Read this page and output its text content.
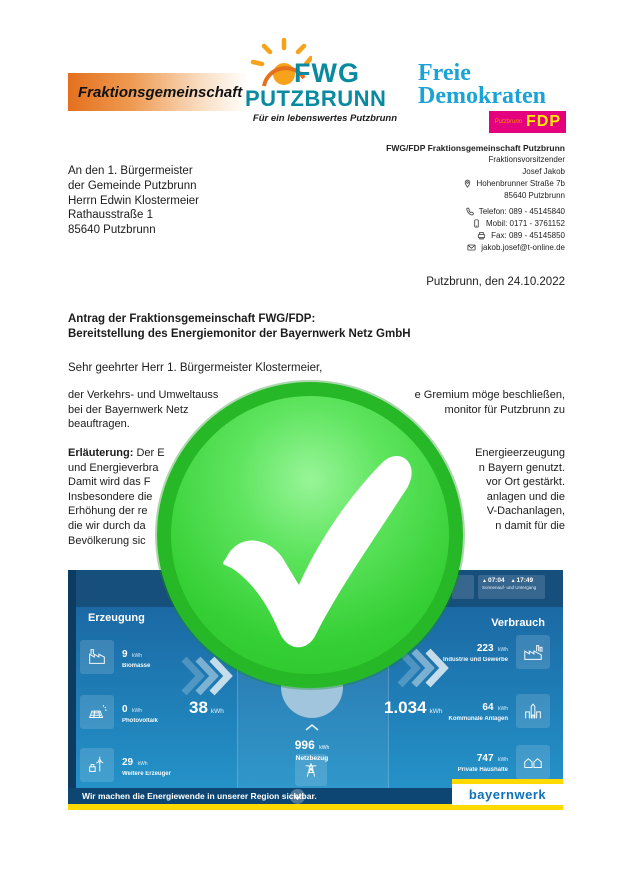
Fraktionsgemeinschaft
FWG
PUTZBRUNN
Für ein lebenswertes Putzbrunn
Freie
Demokraten
Putzbrunn FDP
FWG/FDP Fraktionsgemeinschaft Putzbrunn
Fraktionsvorsitzender
Josef Jakob
Hohenbrunner Straße 7b
85640 Putzbrunn
Telefon: 089 - 45145840
Mobil: 0171 - 3761152
Fax: 089 - 45145850
jakob.josef@t-online.de
An den 1. Bürgermeister
der Gemeinde Putzbrunn
Herrn Edwin Klostermeier
Rathausstraße 1
85640 Putzbrunn
Putzbrunn, den 24.10.2022
Antrag der Fraktionsgemeinschaft FWG/FDP:
Bereitstellung des Energiemonitor der Bayernwerk Netz GmbH
Sehr geehrter Herr 1. Bürgermeister Klostermeier,
der Verkehrs- und Umweltauss	e Gremium möge beschließen,
bei der Bayernwerk Netz	monitor für Putzbrunn zu
beauftragen.
Erläuterung: Der E	Energieerzeugung
und Energieverbra	n Bayern genutzt.
Damit wird das F	vor Ort gestärkt.
Insbesondere die	anlagen und die
Erhöhung der re	V-Dachanlagen,
die wir durch da	n damit für die
Bevölkerung sic
▲07:04 ▲17:49
Sonnenauf- und Untergang
Erzeugung	Verbrauch
9 kWh
Biomasse
0 kWh
Photovoltaik
29 kWh
Weitere Erzeuger
38 kWh	1.034 kWh
996 kWh
Netzbezug
223 kWh
Industrie und Gewerbe
64 kWh
Kommunale Anlagen
747 kWh
Private Haushalte
Wir machen die Energiewende in unserer Region sichtbar.	bayernwerk
